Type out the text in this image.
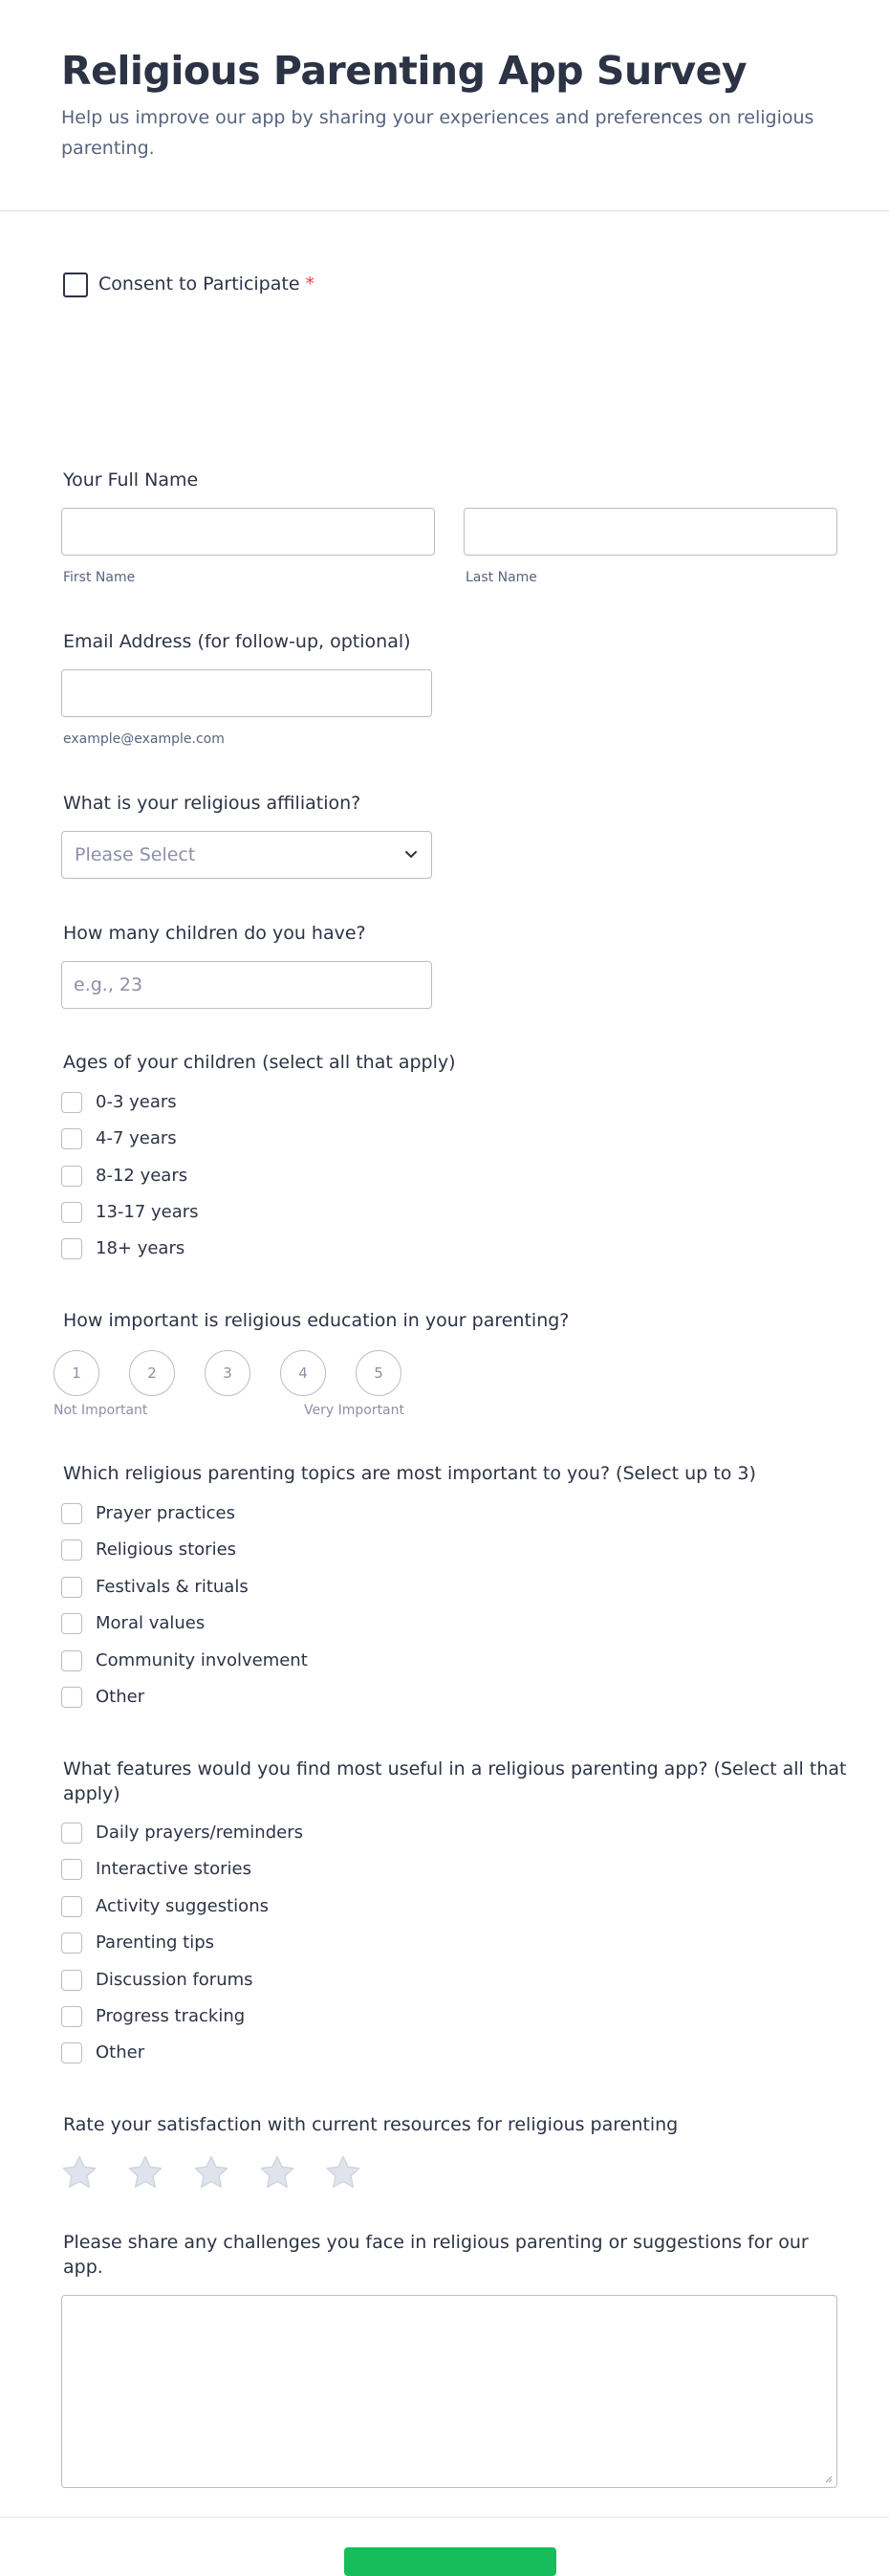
Religious Parenting App Survey

Help us improve our app by sharing your experiences and preferences on religious parenting.

Consent to Participate *
Your Full Name
First Name	Last Name
Email Address (for follow-up, optional)
example@example.com
What is your religious affiliation?
Please Select
How many children do you have?
e.g., 23
Ages of your children (select all that apply)
0-3 years
4-7 years
8-12 years
13-17 years
18+ years
How important is religious education in your parenting?
1	2	3	4	5
Not Important	Very Important
Which religious parenting topics are most important to you? (Select up to 3)
Prayer practices
Religious stories
Festivals & rituals
Moral values
Community involvement
Other
What features would you find most useful in a religious parenting app? (Select all that apply)
Daily prayers/reminders
Interactive stories
Activity suggestions
Parenting tips
Discussion forums
Progress tracking
Other
Rate your satisfaction with current resources for religious parenting
Please share any challenges you face in religious parenting or suggestions for our app.
